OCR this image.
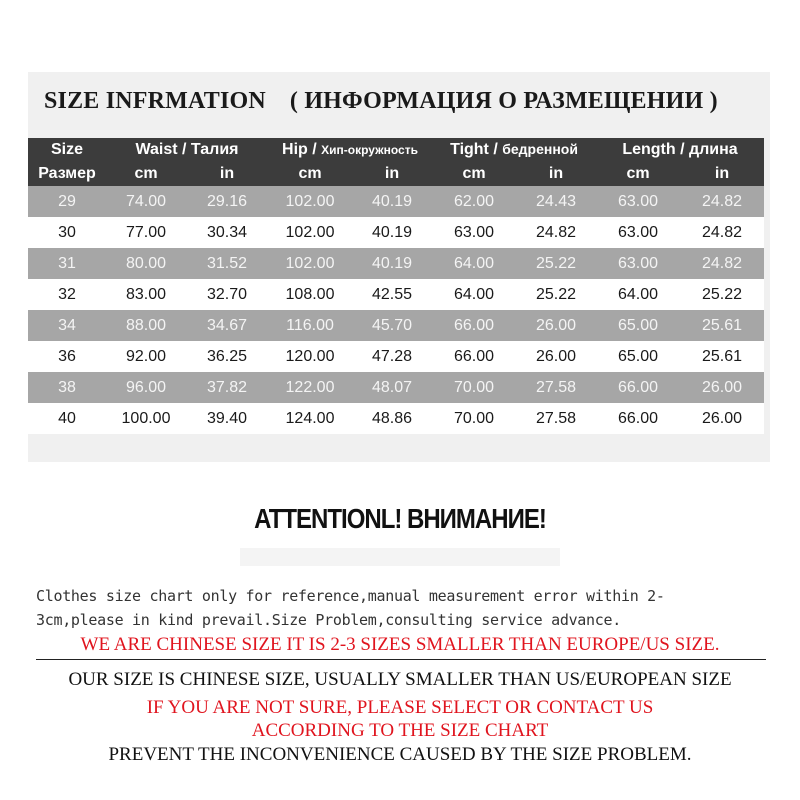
SIZE INFRMATION ( ИНФОРМАЦИЯ О РАЗМЕЩЕНИИ )
Size	Waist / Талия		Hip / Хип-окружность		Tight / бедренной		Length / длина	
Размер	cm	in	cm	in	cm	in	cm	in
29	74.00	29.16	102.00	40.19	62.00	24.43	63.00	24.82
30	77.00	30.34	102.00	40.19	63.00	24.82	63.00	24.82
31	80.00	31.52	102.00	40.19	64.00	25.22	63.00	24.82
32	83.00	32.70	108.00	42.55	64.00	25.22	64.00	25.22
34	88.00	34.67	116.00	45.70	66.00	26.00	65.00	25.61
36	92.00	36.25	120.00	47.28	66.00	26.00	65.00	25.61
38	96.00	37.82	122.00	48.07	70.00	27.58	66.00	26.00
40	100.00	39.40	124.00	48.86	70.00	27.58	66.00	26.00
ATTENTIONL! ВНИМАНИЕ!
Clothes size chart only for reference,manual measurement error within 2-
3cm,please in kind prevail.Size Problem,consulting service advance.
WE ARE CHINESE SIZE IT IS 2-3 SIZES SMALLER THAN EUROPE/US SIZE.
OUR SIZE IS CHINESE SIZE, USUALLY SMALLER THAN US/EUROPEAN SIZE
IF YOU ARE NOT SURE, PLEASE SELECT OR CONTACT US
ACCORDING TO THE SIZE CHART
PREVENT THE INCONVENIENCE CAUSED BY THE SIZE PROBLEM.
